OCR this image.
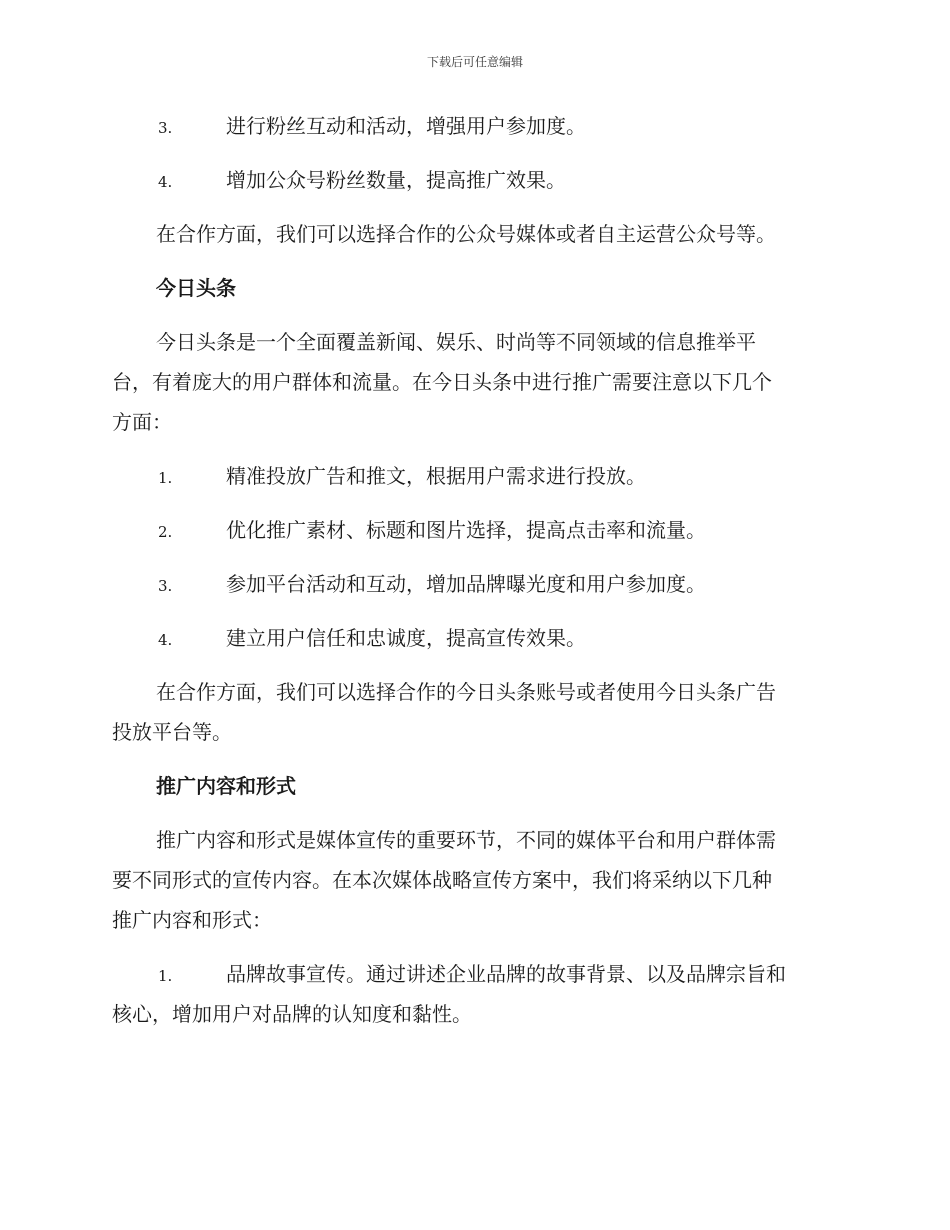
下载后可任意编辑
3.	进行粉丝互动和活动，增强用户参加度。
4.	增加公众号粉丝数量，提高推广效果。
在合作方面，我们可以选择合作的公众号媒体或者自主运营公众号等。
今日头条
今日头条是一个全面覆盖新闻、娱乐、时尚等不同领域的信息推举平
台，有着庞大的用户群体和流量。在今日头条中进行推广需要注意以下几个
方面：
1.	精准投放广告和推文，根据用户需求进行投放。
2.	优化推广素材、标题和图片选择，提高点击率和流量。
3.	参加平台活动和互动，增加品牌曝光度和用户参加度。
4.	建立用户信任和忠诚度，提高宣传效果。
在合作方面，我们可以选择合作的今日头条账号或者使用今日头条广告
投放平台等。
推广内容和形式
推广内容和形式是媒体宣传的重要环节，不同的媒体平台和用户群体需
要不同形式的宣传内容。在本次媒体战略宣传方案中，我们将采纳以下几种
推广内容和形式：
1.	品牌故事宣传。通过讲述企业品牌的故事背景、以及品牌宗旨和
核心，增加用户对品牌的认知度和黏性。
